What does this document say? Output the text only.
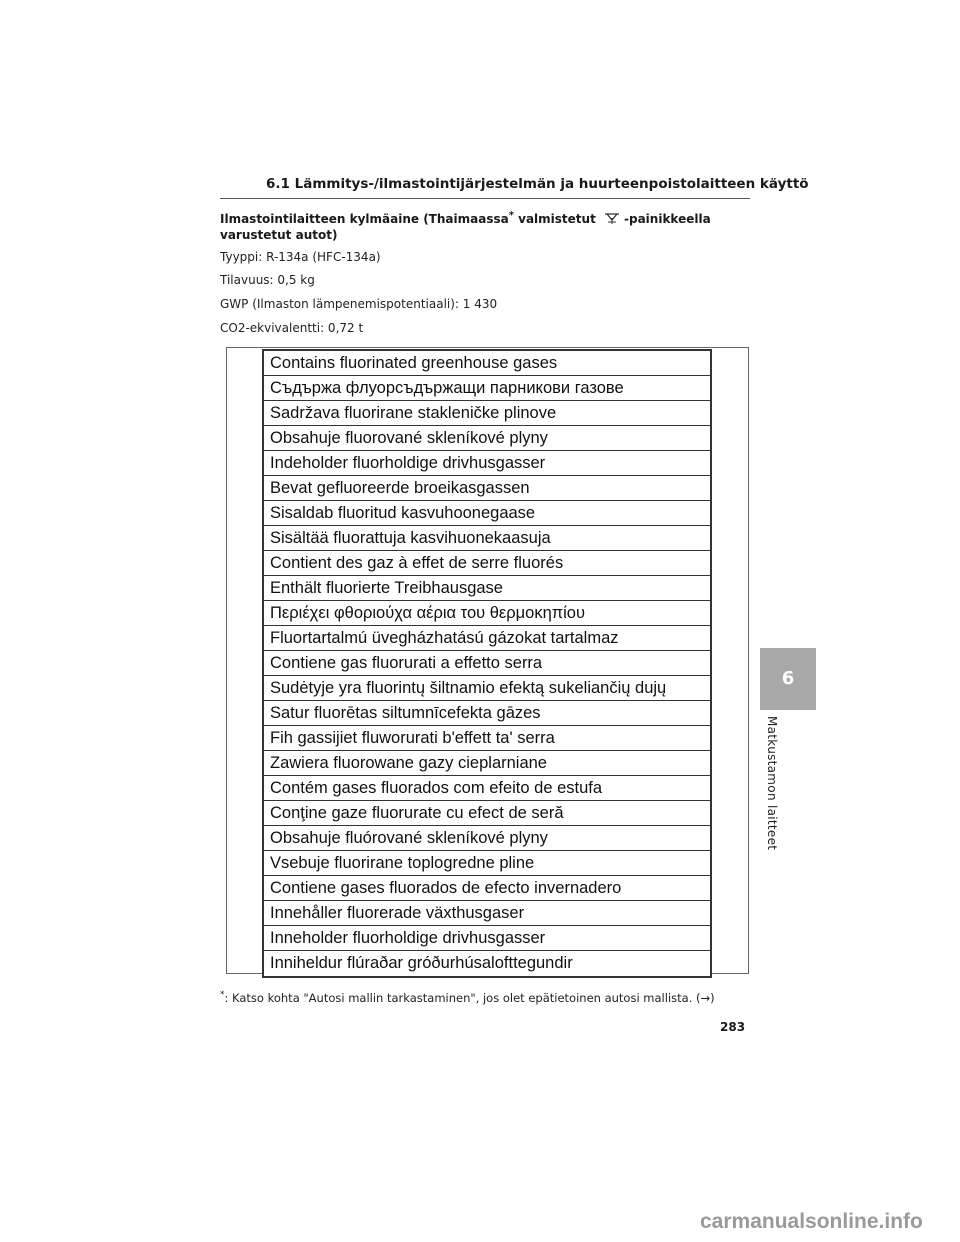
6.1 Lämmitys-/ilmastointijärjestelmän ja huurteenpoistolaitteen käyttö
Ilmastointilaitteen kylmäaine (Thaimaassa* valmistetut -painikkeella varustetut autot)
Tyyppi: R-134a (HFC-134a)
Tilavuus: 0,5 kg
GWP (Ilmaston lämpenemispotentiaali): 1 430
CO2-ekvivalentti: 0,72 t
Contains fluorinated greenhouse gases
Съдържа флуорсъдържащи парникови газове
Sadržava fluorirane stakleničke plinove
Obsahuje fluorované skleníkové plyny
Indeholder fluorholdige drivhusgasser
Bevat gefluoreerde broeikasgassen
Sisaldab fluoritud kasvuhoonegaase
Sisältää fluorattuja kasvihuonekaasuja
Contient des gaz à effet de serre fluorés
Enthält fluorierte Treibhausgase
Περιέχει φθοριούχα αέρια του θερμοκηπίου
Fluortartalmú üvegházhatású gázokat tartalmaz
Contiene gas fluorurati a effetto serra
Sudėtyje yra fluorintų šiltnamio efektą sukeliančių dujų
Satur fluorētas siltumnīcefekta gāzes
Fih gassijiet fluworurati b'effett ta' serra
Zawiera fluorowane gazy cieplarniane
Contém gases fluorados com efeito de estufa
Conţine gaze fluorurate cu efect de seră
Obsahuje fluórované skleníkové plyny
Vsebuje fluorirane toplogredne pline
Contiene gases fluorados de efecto invernadero
Innehåller fluorerade växthusgaser
Inneholder fluorholdige drivhusgasser
Inniheldur flúraðar gróðurhúsalofttegundir
*: Katso kohta "Autosi mallin tarkastaminen", jos olet epätietoinen autosi mallista. (→)
283
6
Matkustamon laitteet
carmanualsonline.info
